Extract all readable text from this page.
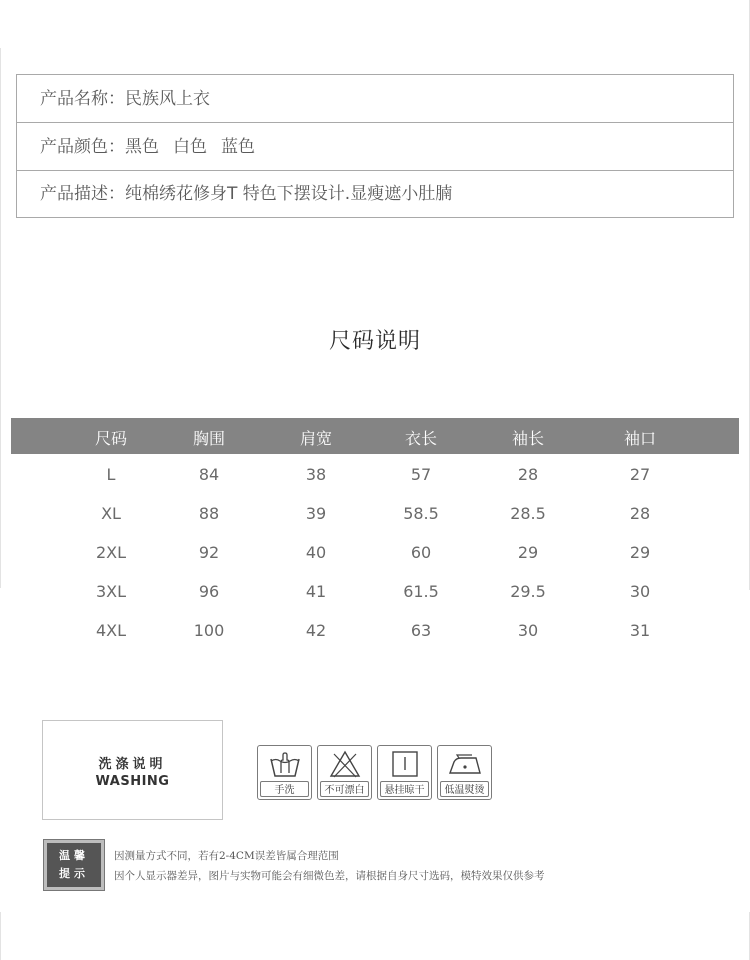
产品名称：民族风上衣
产品颜色：黑色 白色 蓝色
产品描述：纯棉绣花修身T 特色下摆设计.显瘦遮小肚腩
尺码说明
尺码	胸围	肩宽	衣长	袖长	袖口
L	84	38	57	28	27
XL	88	39	58.5	28.5	28
2XL	92	40	60	29	29
3XL	96	41	61.5	29.5	30
4XL	100	42	63	30	31
洗涤说明
WASHING
手洗	不可漂白	悬挂晾干	低温熨烫
温馨
提示
因测量方式不同，若有2-4CM误差皆属合理范围
因个人显示器差异，图片与实物可能会有细微色差，请根据自身尺寸选码，模特效果仅供参考
